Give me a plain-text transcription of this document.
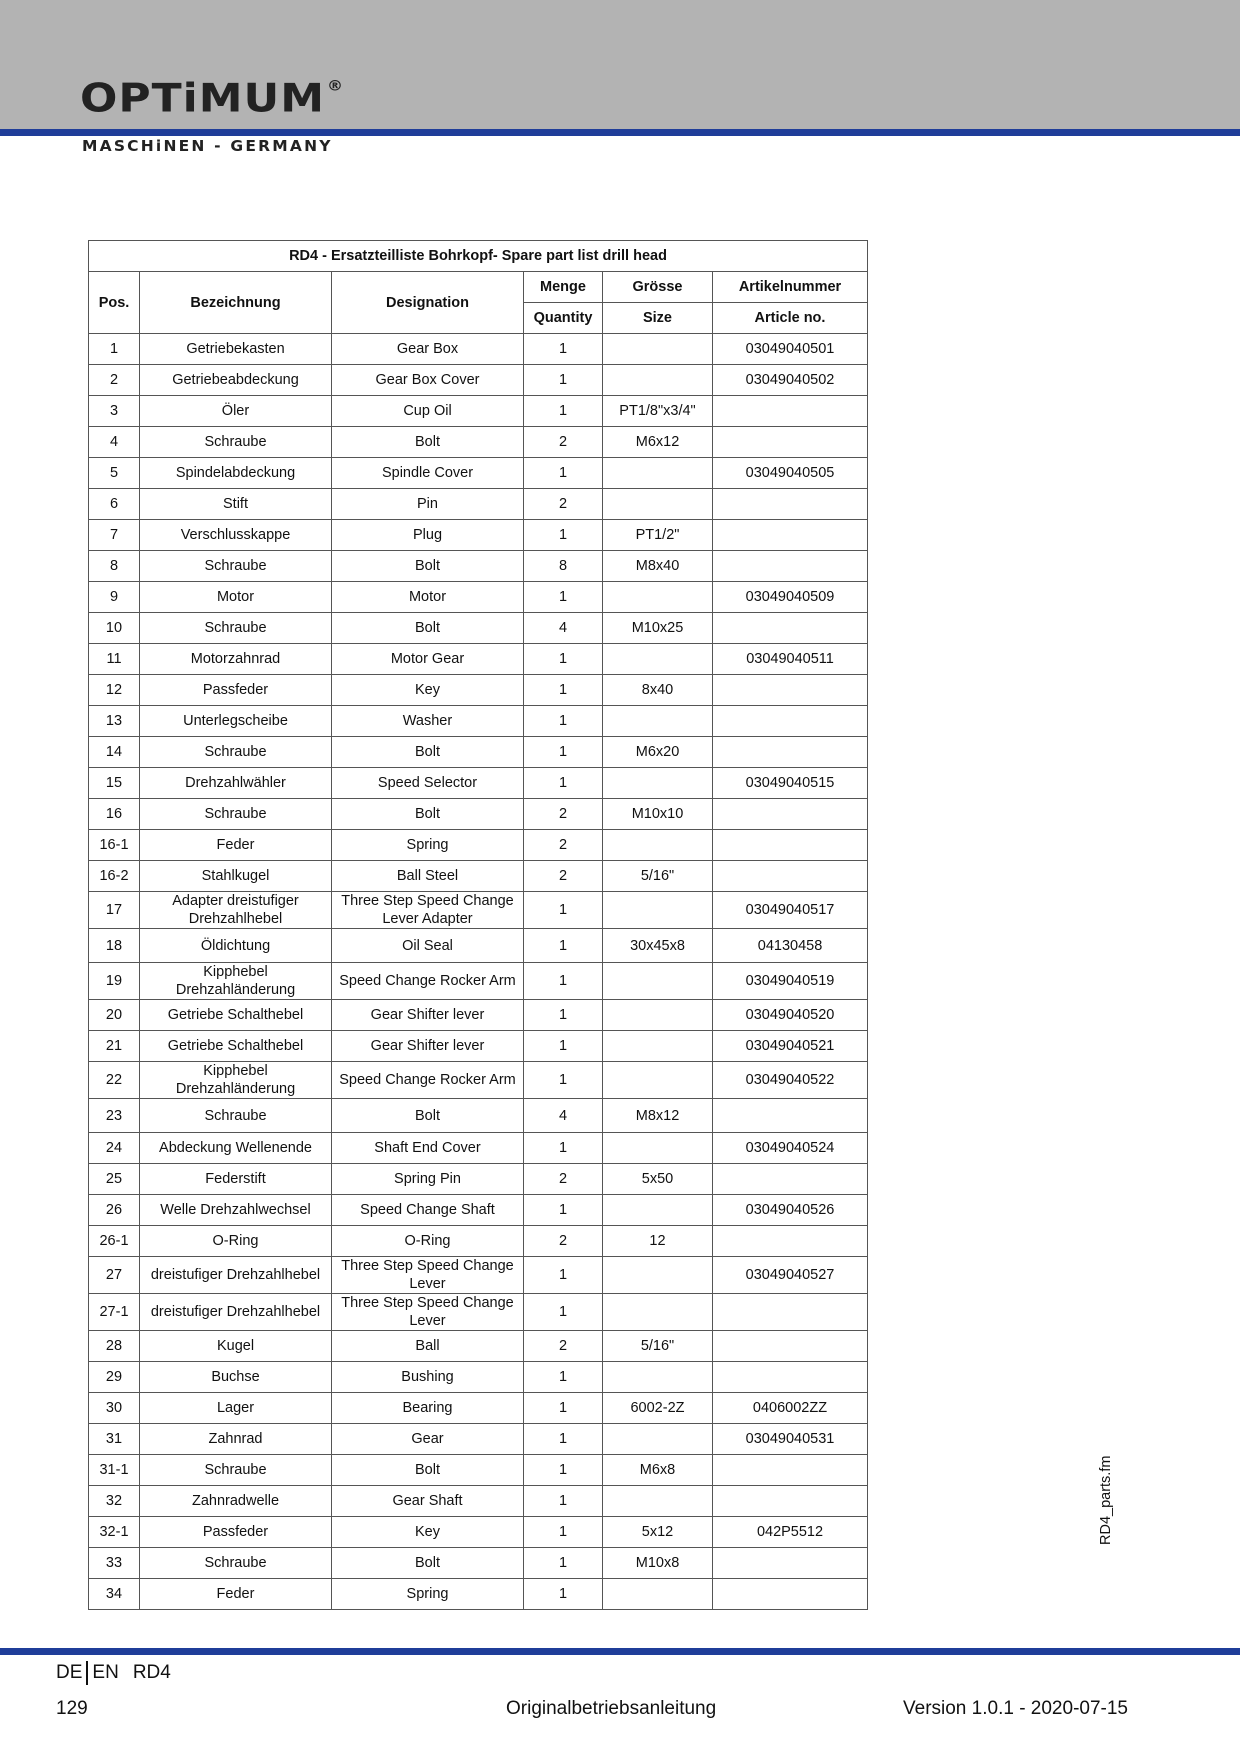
OPTiMUM ®
MASCHiNEN - GERMANY
RD4 - Ersatzteilliste Bohrkopf- Spare part list drill head					
Pos.	Bezeichnung	Designation	Menge	Grösse	Artikelnummer
			Quantity	Size	Article no.
1	Getriebekasten	Gear Box	1		03049040501
2	Getriebeabdeckung	Gear Box Cover	1		03049040502
3	Öler	Cup Oil	1	PT1/8"x3/4"	
4	Schraube	Bolt	2	M6x12	
5	Spindelabdeckung	Spindle Cover	1		03049040505
6	Stift	Pin	2		
7	Verschlusskappe	Plug	1	PT1/2"	
8	Schraube	Bolt	8	M8x40	
9	Motor	Motor	1		03049040509
10	Schraube	Bolt	4	M10x25	
11	Motorzahnrad	Motor Gear	1		03049040511
12	Passfeder	Key	1	8x40	
13	Unterlegscheibe	Washer	1		
14	Schraube	Bolt	1	M6x20	
15	Drehzahlwähler	Speed Selector	1		03049040515
16	Schraube	Bolt	2	M10x10	
16-1	Feder	Spring	2		
16-2	Stahlkugel	Ball Steel	2	5/16"	
17	Adapter dreistufiger Drehzahlhebel	Three Step Speed Change Lever Adapter	1		03049040517
18	Öldichtung	Oil Seal	1	30x45x8	04130458
19	Kipphebel Drehzahländerung	Speed Change Rocker Arm	1		03049040519
20	Getriebe Schalthebel	Gear Shifter lever	1		03049040520
21	Getriebe Schalthebel	Gear Shifter lever	1		03049040521
22	Kipphebel Drehzahländerung	Speed Change Rocker Arm	1		03049040522
23	Schraube	Bolt	4	M8x12	
24	Abdeckung Wellenende	Shaft End Cover	1		03049040524
25	Federstift	Spring Pin	2	5x50	
26	Welle Drehzahlwechsel	Speed Change Shaft	1		03049040526
26-1	O-Ring	O-Ring	2	12	
27	dreistufiger Drehzahlhebel	Three Step Speed Change Lever	1		03049040527
27-1	dreistufiger Drehzahlhebel	Three Step Speed Change Lever	1		
28	Kugel	Ball	2	5/16"	
29	Buchse	Bushing	1		
30	Lager	Bearing	1	6002-2Z	0406002ZZ
31	Zahnrad	Gear	1		03049040531
31-1	Schraube	Bolt	1	M6x8	
32	Zahnradwelle	Gear Shaft	1		
32-1	Passfeder	Key	1	5x12	042P5512
33	Schraube	Bolt	1	M10x8	
34	Feder	Spring	1		
RD4_parts.fm
DE EN RD4
129	Originalbetriebsanleitung	Version 1.0.1 - 2020-07-15
